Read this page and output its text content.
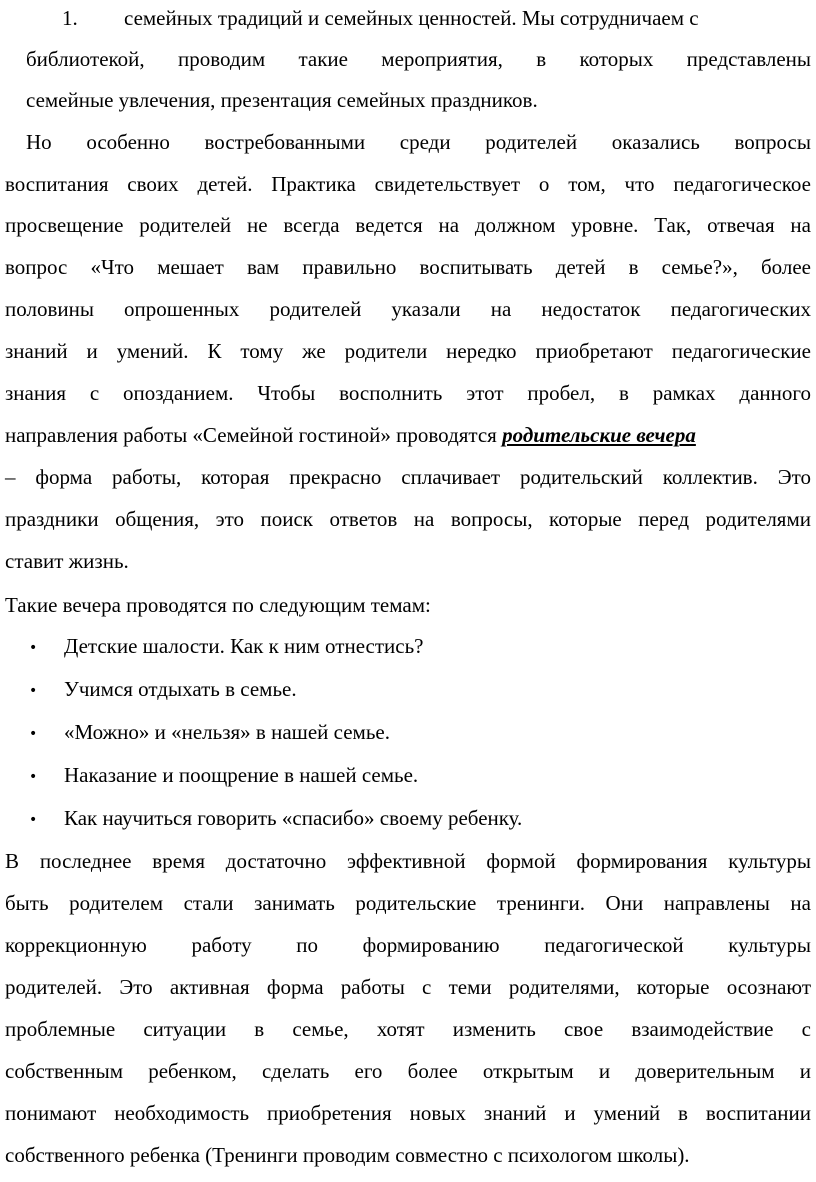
1. семейных традиций и семейных ценностей. Мы сотрудничаем с
библиотекой, проводим такие мероприятия, в которых представлены
семейные увлечения, презентация семейных праздников.
Но особенно востребованными среди родителей оказались вопросы
воспитания своих детей. Практика свидетельствует о том, что педагогическое
просвещение родителей не всегда ведется на должном уровне. Так, отвечая на
вопрос «Что мешает вам правильно воспитывать детей в семье?», более
половины опрошенных родителей указали на недостаток педагогических
знаний и умений. К тому же родители нередко приобретают педагогические
знания с опозданием. Чтобы восполнить этот пробел, в рамках данного
направления работы «Семейной гостиной» проводятся родительские вечера
– форма работы, которая прекрасно сплачивает родительский коллектив. Это
праздники общения, это поиск ответов на вопросы, которые перед родителями
ставит жизнь.
Такие вечера проводятся по следующим темам:
• Детские шалости. Как к ним отнестись?
• Учимся отдыхать в семье.
• «Можно» и «нельзя» в нашей семье.
• Наказание и поощрение в нашей семье.
• Как научиться говорить «спасибо» своему ребенку.
В последнее время достаточно эффективной формой формирования культуры
быть родителем стали занимать родительские тренинги. Они направлены на
коррекционную работу по формированию педагогической культуры
родителей. Это активная форма работы с теми родителями, которые осознают
проблемные ситуации в семье, хотят изменить свое взаимодействие с
собственным ребенком, сделать его более открытым и доверительным и
понимают необходимость приобретения новых знаний и умений в воспитании
собственного ребенка (Тренинги проводим совместно с психологом школы).
